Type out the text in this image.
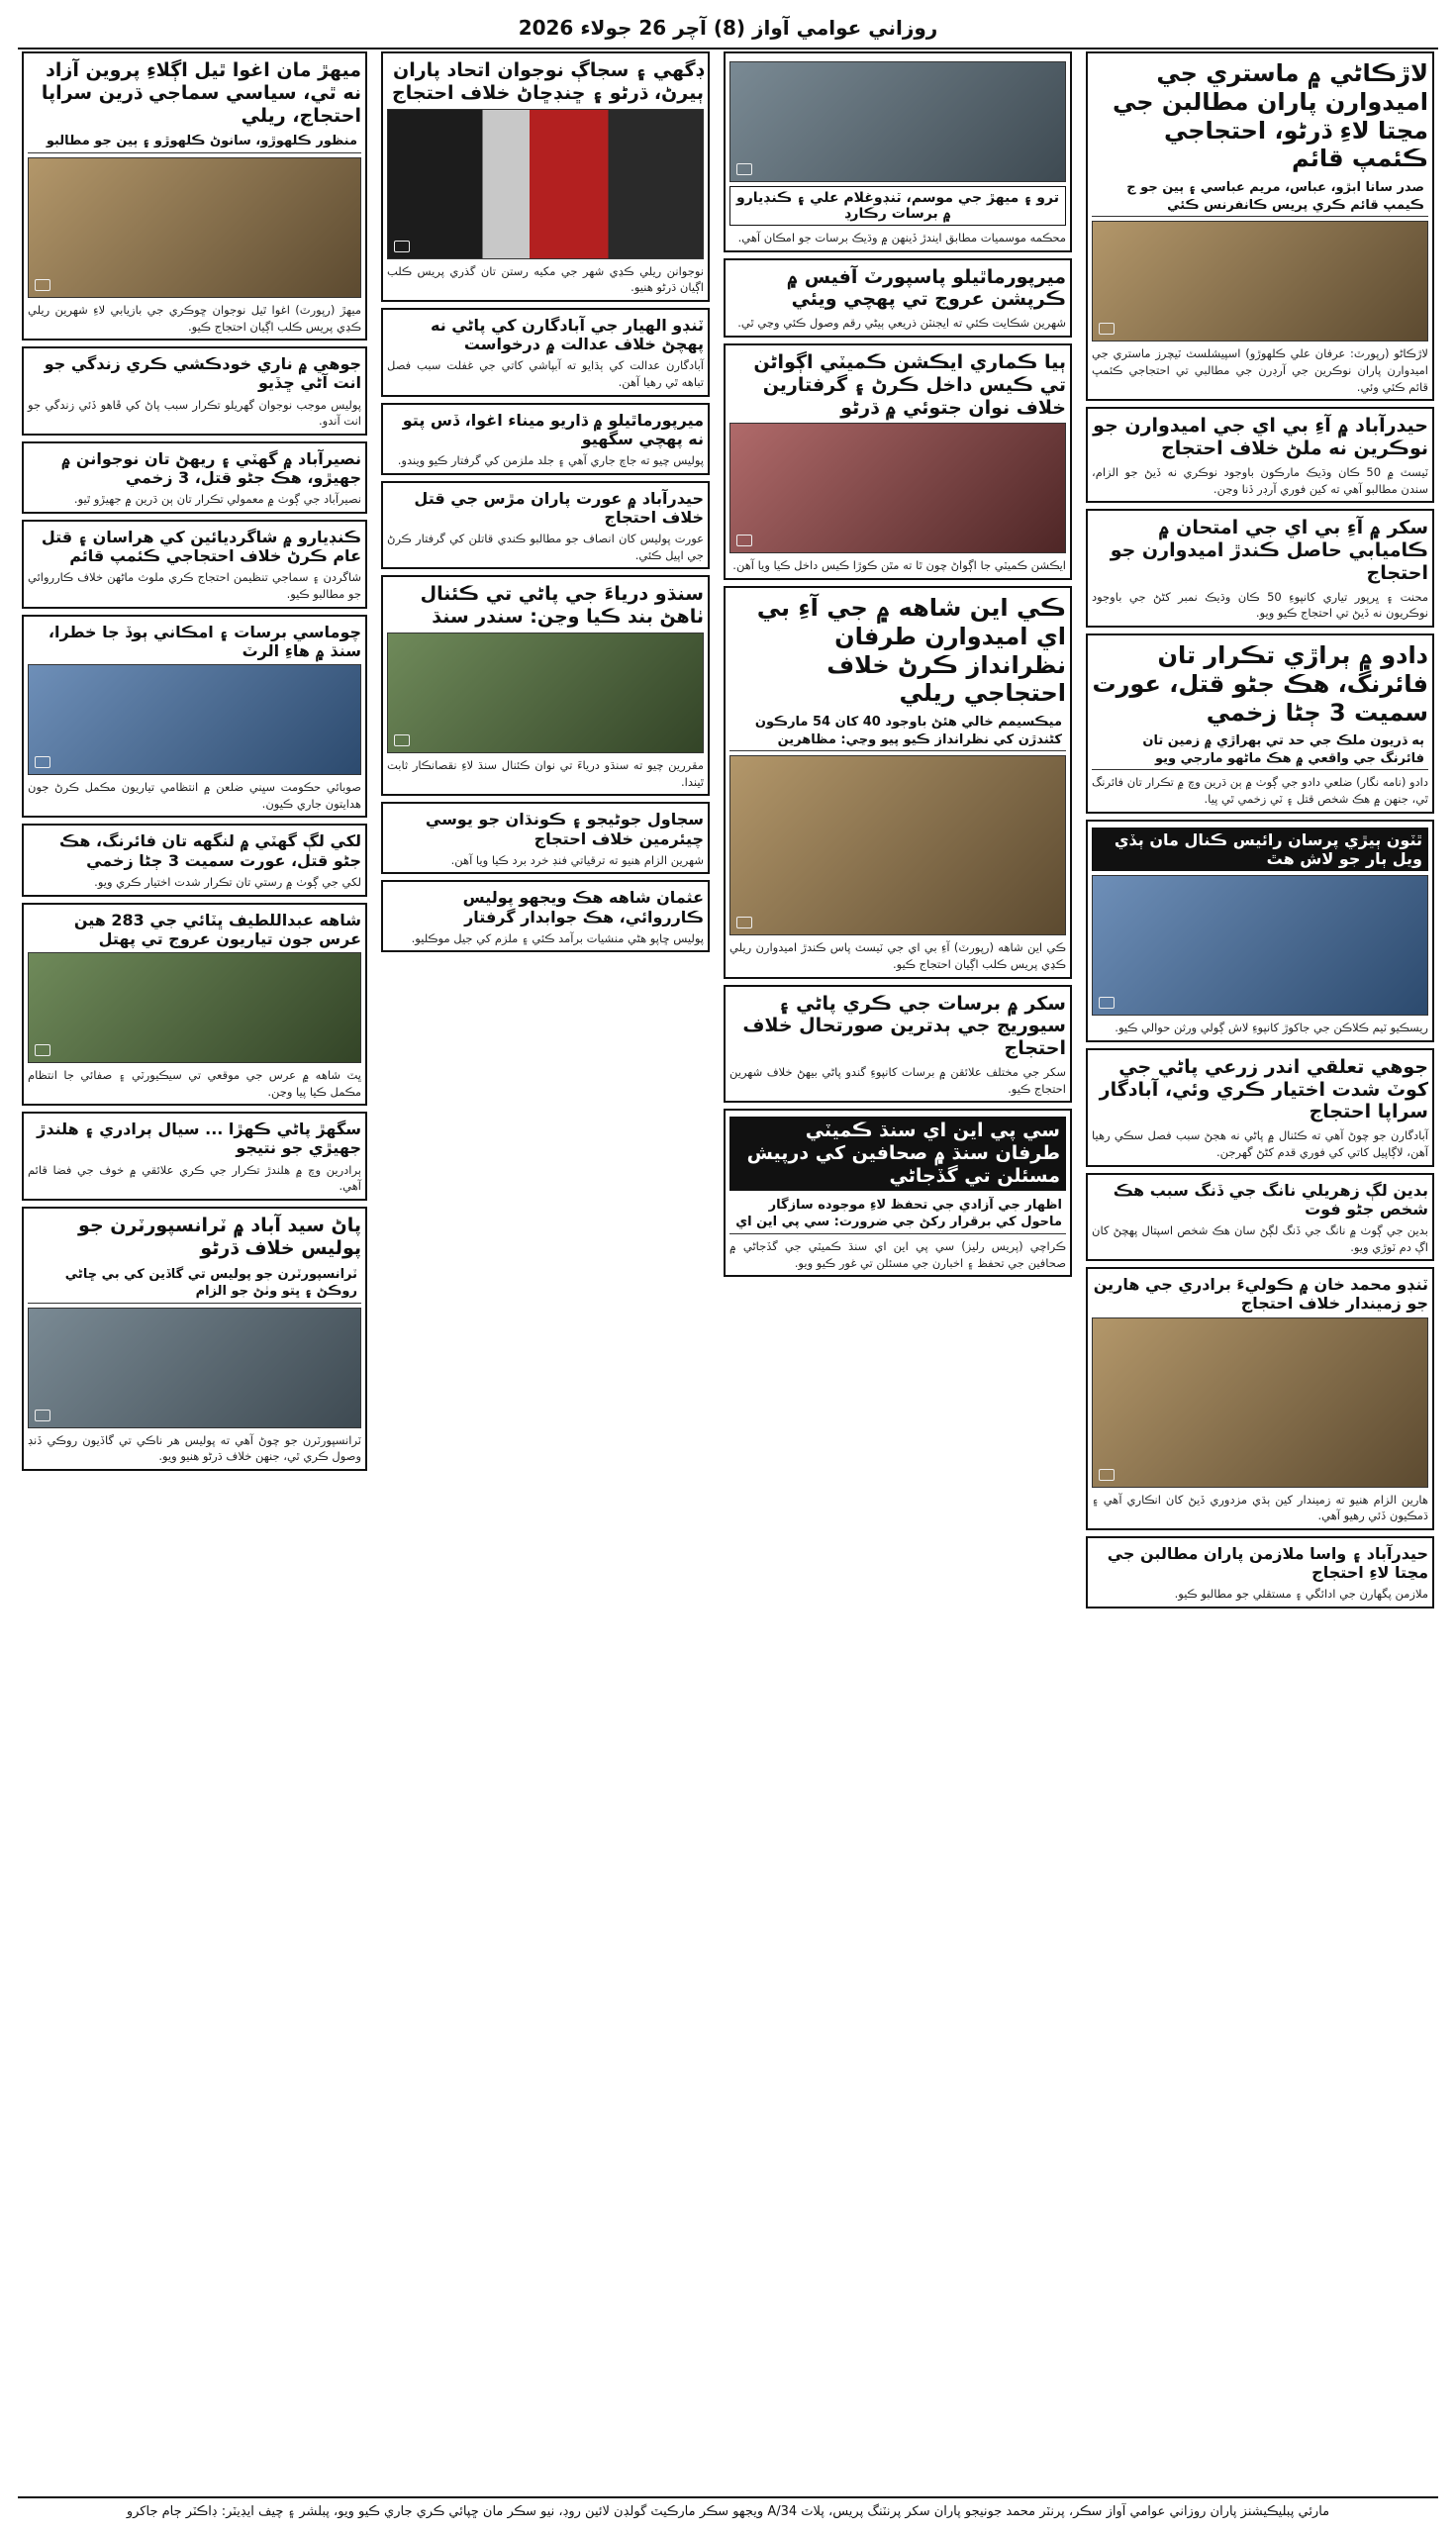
روزاني عوامي آواز (8) آچر 26 جولاء 2026
لاڙڪاڻي ۾ ماستري جي اميدوارن پاران مطالبن جي مڃتا لاءِ ڌرڻو، احتجاجي ڪئمپ قائم
صدر سانا ابڙو، عباس، مريم عباسي ۽ ٻين جو ج ڪيمپ قائم ڪري پريس ڪانفرنس ڪئي
لاڙڪاڻو (رپورٽ: عرفان علي ڪلهوڙو) اسپيشلسٽ ٽيچرز ماستري جي اميدوارن پاران نوڪرين جي آرڊرن جي مطالبي تي احتجاجي ڪئمپ قائم ڪئي وئي.
حيدرآباد ۾ آءِ بي اي جي اميدوارن جو نوڪرين نه ملڻ خلاف احتجاج
ٽيسٽ ۾ 50 ڪان وڌيڪ مارڪون باوجود نوڪري نه ڏيڻ جو الزام، سندن مطالبو آهي ته کين فوري آرڊر ڏنا وڃن.
سکر ۾ آءِ بي اي جي امتحان ۾ ڪاميابي حاصل ڪندڙ اميدوارن جو احتجاج
محنت ۽ ڀرپور تياري کانپوءِ 50 ڪان وڌيڪ نمبر کڻڻ جي باوجود نوڪريون نه ڏيڻ تي احتجاج ڪيو ويو.
دادو ۾ ٻراڙي تڪرار تان فائرنگ، هڪ جڻو قتل، عورت سميت 3 ڄڻا زخمي
ٻه ڌريون ملڪ جي حد تي ٻهراڙي ۾ زمين تان فائرنگ جي واقعي ۾ هڪ ماڻهو مارجي ويو
دادو (نامه نگار) ضلعي دادو جي ڳوٺ ۾ ٻن ڌرين وچ ۾ تڪرار تان فائرنگ ٿي، جنهن ۾ هڪ شخص قتل ۽ ٽي زخمي ٿي پيا.
ٿٽون ٻيڙي پرسان رائيس ڪنال مان ٻڏي ويل ٻار جو لاش هٿ
ريسڪيو ٽيم ڪلاڪن جي جاکوڙ کانپوءِ لاش ڳولي ورثن حوالي ڪيو.
جوهي تعلقي اندر زرعي پاڻي جي کوٽ شدت اختيار ڪري وئي، آبادگار سراپا احتجاج
آبادگارن جو چوڻ آهي ته ڪئنال ۾ پاڻي نه هجڻ سبب فصل سڪي رهيا آهن، لاڳاپيل کاتي کي فوري قدم کڻڻ گهرجن.
بدين لڳ زهريلي نانگ جي ڏنگ سبب هڪ شخص جڻو فوت
بدين جي ڳوٺ ۾ نانگ جي ڏنگ لڳڻ سان هڪ شخص اسپتال پهچڻ کان اڳ دم ٽوڙي ويو.
ٽنڊو محمد خان ۾ ڪوليءَ برادري جي هارين جو زميندار خلاف احتجاج
هارين الزام هنيو ته زميندار کين ٻڌي مزدوري ڏيڻ کان انڪاري آهي ۽ ڌمڪيون ڏئي رهيو آهي.
حيدرآباد ۽ واسا ملازمن پاران مطالبن جي مڃتا لاءِ احتجاج
ملازمن پگهارن جي ادائگي ۽ مستقلي جو مطالبو ڪيو.
ترو ۽ ميهڙ جي موسم، ٽنڊوغلام علي ۽ ڪنڊيارو ۾ برسات رڪارڊ
محڪمه موسميات مطابق ايندڙ ڏينهن ۾ وڌيڪ برسات جو امڪان آهي.
ميرپورماٿيلو پاسپورٽ آفيس ۾ ڪرپشن عروج تي پهچي ويئي
شهرين شڪايت ڪئي ته ايجنٽن ذريعي ٻيڻي رقم وصول ڪئي وڃي ٿي.
ٻيا ڪماري ايڪشن ڪميٽي اڳواڻن تي ڪيس داخل ڪرڻ ۽ گرفتارين خلاف نوان جتوئي ۾ ڌرڻو
ايڪشن ڪميٽي جا اڳواڻ چون ٿا ته مٿن ڪوڙا ڪيس داخل ڪيا ويا آهن.
ڪي اين شاهه ۾ جي آءِ بي اي اميدوارن طرفان نظرانداز ڪرڻ خلاف احتجاجي ريلي
ميڪسيمم خالي هئڻ باوجود 40 کان 54 مارڪون کڻندڙن کي نظرانداز ڪيو پيو وڃي: مظاهرين
ڪي اين شاهه (رپورٽ) آءِ بي اي جي ٽيسٽ پاس ڪندڙ اميدوارن ريلي ڪڍي پريس ڪلب اڳيان احتجاج ڪيو.
سکر ۾ برسات جي ڪري پاڻي ۽ سيوريج جي ٻدترين صورتحال خلاف احتجاج
سکر جي مختلف علائقن ۾ برسات کانپوءِ گندو پاڻي بيهڻ خلاف شهرين احتجاج ڪيو.
سي پي اين اي سنڌ ڪميٽي طرفان سنڌ ۾ صحافين کي درپيش مسئلن تي گڏجاڻي
اظهار جي آزادي جي تحفظ لاءِ موجوده سازگار ماحول کي برقرار رکڻ جي ضرورت: سي پي اين اي
ڪراچي (پريس رليز) سي پي اين اي سنڌ ڪميٽي جي گڏجاڻي ۾ صحافين جي تحفظ ۽ اخبارن جي مسئلن تي غور ڪيو ويو.
ڊگهي ۽ سجاڳ نوجوان اتحاد پاران ٻيرڻ، ڌرڻو ۽ ڇنڊڇاڻ خلاف احتجاج
نوجوانن ريلي ڪڍي شهر جي مکيه رستن تان گذري پريس ڪلب اڳيان ڌرڻو هنيو.
ٽنڊو الهيار جي آبادگارن کي پاڻي نه پهچڻ خلاف عدالت ۾ درخواست
آبادگارن عدالت کي ٻڌايو ته آبپاشي کاتي جي غفلت سبب فصل تباهه ٿي رهيا آهن.
ميرپورماٿيلو ۾ ڌاريو ميناء اغوا، ڏس پتو نه پهچي سگهيو
پوليس چيو ته جاچ جاري آهي ۽ جلد ملزمن کي گرفتار ڪيو ويندو.
حيدرآباد ۾ عورت پاران مڙس جي قتل خلاف احتجاج
عورت پوليس کان انصاف جو مطالبو ڪندي قاتلن کي گرفتار ڪرڻ جي اپيل ڪئي.
سنڌو درياءَ جي پاڻي تي ڪئنال ٺاهڻ بند ڪيا وڃن: سندر سنڌ
مقررين چيو ته سنڌو درياءَ تي نوان ڪئنال سنڌ لاءِ نقصانڪار ثابت ٿيندا.
سجاول جوڻيجو ۽ ڪونڌان جو يوسي چيئرمين خلاف احتجاج
شهرين الزام هنيو ته ترقياتي فنڊ خرد برد ڪيا ويا آهن.
عثمان شاهه هڪ ويجهو پوليس ڪارروائي، هڪ جوابدار گرفتار
پوليس ڇاپو هڻي منشيات برآمد ڪئي ۽ ملزم کي جيل موڪليو.
ميهڙ مان اغوا ٿيل اڳلاءِ پروين آزاد نه ٿي، سياسي سماجي ڌرين سراپا احتجاج، ريلي
منظور ڪلهوڙو، سانوڻ ڪلهوڙو ۽ ٻين جو مطالبو
ميهڙ (رپورٽ) اغوا ٿيل نوجوان ڇوڪري جي بازيابي لاءِ شهرين ريلي ڪڍي پريس ڪلب اڳيان احتجاج ڪيو.
جوهي ۾ ناري خودڪشي ڪري زندگي جو انت آڻي ڇڏيو
پوليس موجب نوجوان گهريلو تڪرار سبب پاڻ کي ڦاهو ڏئي زندگي جو انت آندو.
نصيرآباد ۾ گهٽي ۽ ريهڻ تان نوجوانن ۾ جهيڙو، هڪ جڻو قتل، 3 زخمي
نصيرآباد جي ڳوٺ ۾ معمولي تڪرار تان ٻن ڌرين ۾ جهيڙو ٿيو.
ڪنڊيارو ۾ شاگرديائين کي هراسان ۽ قتل عام ڪرڻ خلاف احتجاجي ڪئمپ قائم
شاگردن ۽ سماجي تنظيمن احتجاج ڪري ملوث ماڻهن خلاف ڪارروائي جو مطالبو ڪيو.
چوماسي برسات ۽ امڪاني ٻوڏ جا خطرا، سنڌ ۾ هاءِ الرٽ
صوبائي حڪومت سڀني ضلعن ۾ انتظامي تياريون مڪمل ڪرڻ جون هدايتون جاري ڪيون.
لکي لڳ گهٽي ۾ لنگهه تان فائرنگ، هڪ جڻو قتل، عورت سميت 3 ڄڻا زخمي
لکي جي ڳوٺ ۾ رستي تان تڪرار شدت اختيار ڪري ويو.
شاهه عبداللطيف ڀٽائي جي 283 هين عرس جون تياريون عروج تي پهتل
ڀٽ شاهه ۾ عرس جي موقعي تي سيڪيورٽي ۽ صفائي جا انتظام مڪمل ڪيا پيا وڃن.
سگهڙ پاڻي ڪهڙا ... سيال ٻرادري ۽ هلندڙ جهيڙي جو نتيجو
ٻرادرين وچ ۾ هلندڙ تڪرار جي ڪري علائقي ۾ خوف جي فضا قائم آهي.
پاڻ سيد آباد ۾ ٽرانسپورٽرن جو پوليس خلاف ڌرڻو
ٽرانسپورٽرن جو پوليس تي گاڏين کي بي ڇاڻي روڪڻ ۽ ڀتو وٺڻ جو الزام
ٽرانسپورٽرن جو چوڻ آهي ته پوليس هر ناڪي تي گاڏيون روڪي ڏنڊ وصول ڪري ٿي، جنهن خلاف ڌرڻو هنيو ويو.
مارئي پبليڪيشنز پاران روزاني عوامي آواز سڪر، پرنٽر محمد جونيجو پاران سکر پرنٽنگ پريس، پلاٽ A/34 ويجهو سڪر مارڪيٽ گولڊن لائين روڊ، نيو سڪر مان ڇپائي ڪري جاري ڪيو ويو، پبلشر ۽ چيف ايڊيٽر: ڊاڪٽر ڄام جاکرو
